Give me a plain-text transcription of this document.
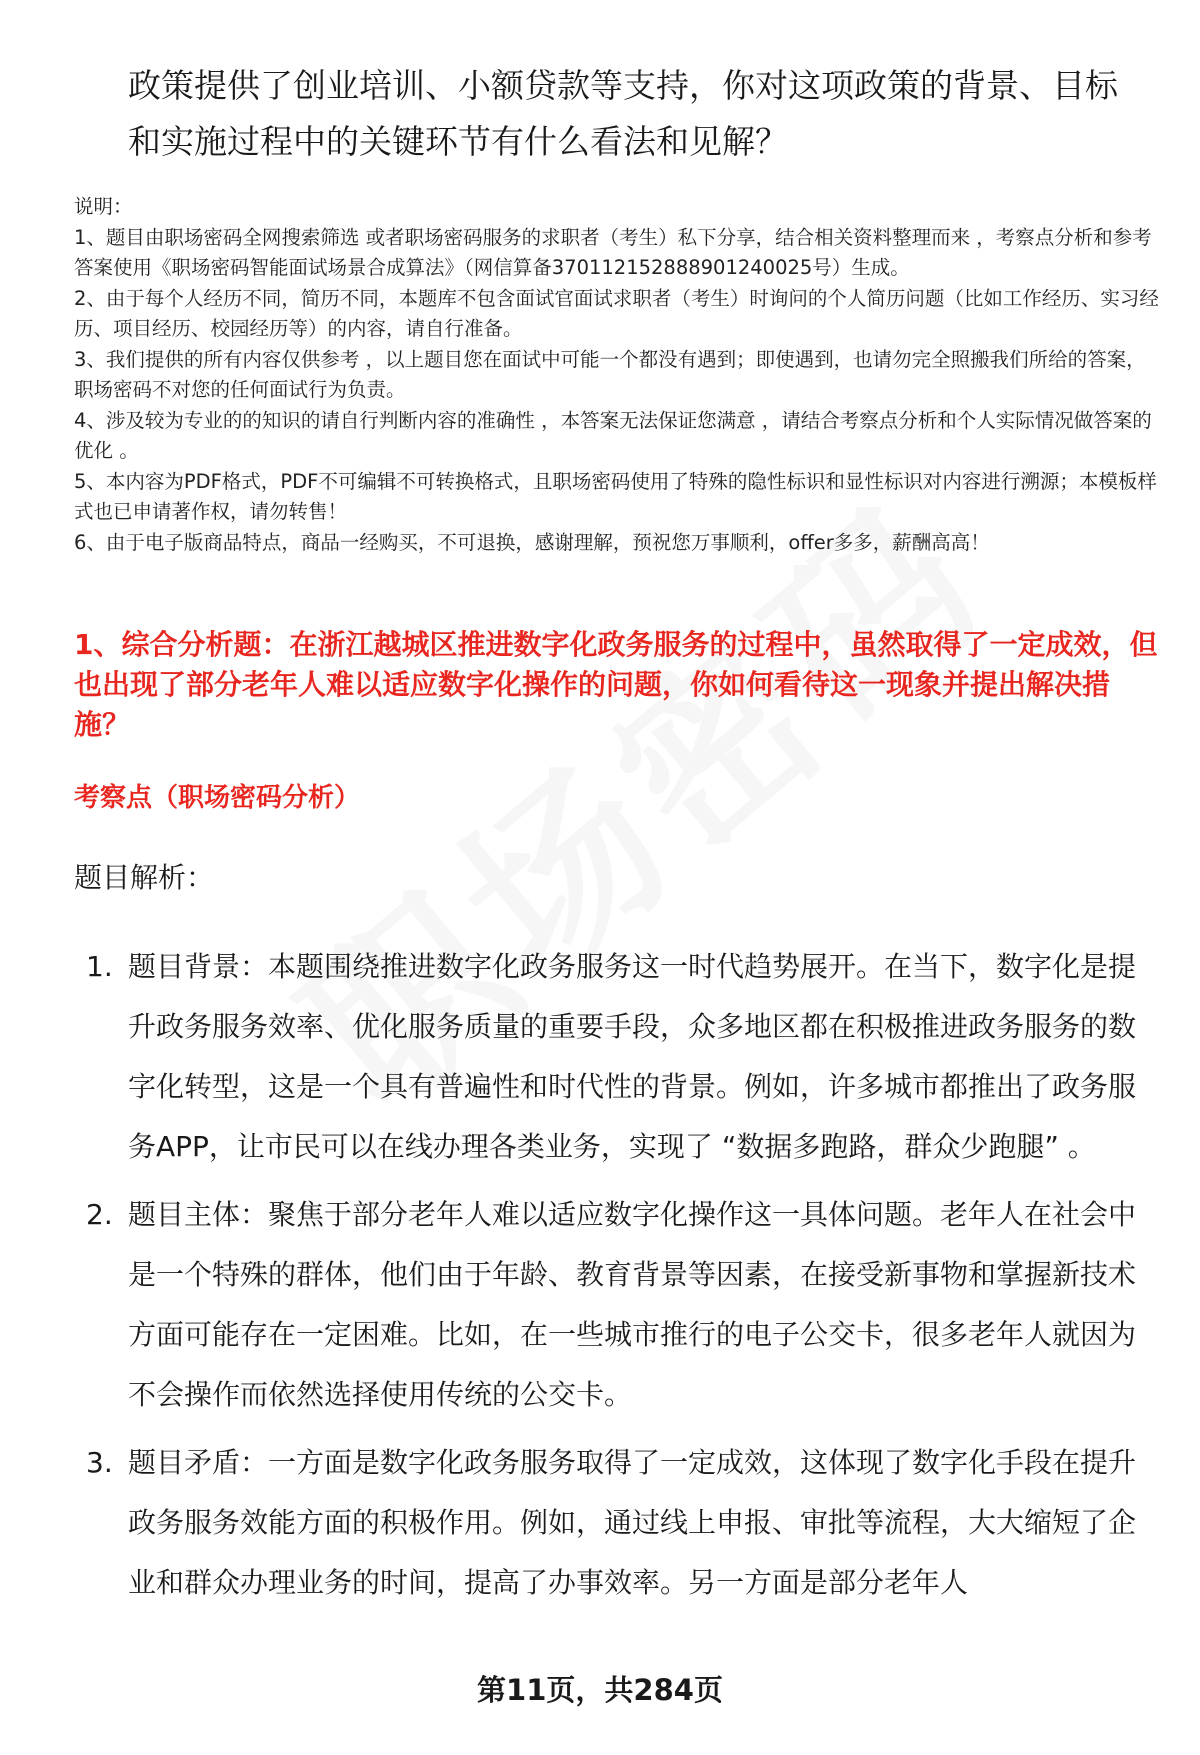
政策提供了创业培训、小额贷款等支持，你对这项政策的背景、目标和实施过程中的关键环节有什么看法和见解？
说明：
1、题目由职场密码全网搜索筛选 或者职场密码服务的求职者（考生）私下分享，结合相关资料整理而来 ，考察点分析和参考答案使用《职场密码智能面试场景合成算法》（网信算备370112152888901240025号）生成。
2、由于每个人经历不同，简历不同，本题库不包含面试官面试求职者（考生）时询问的个人简历问题（比如工作经历、实习经历、项目经历、校园经历等）的内容，请自行准备。
3、我们提供的所有内容仅供参考 ，以上题目您在面试中可能一个都没有遇到；即使遇到，也请勿完全照搬我们所给的答案，职场密码不对您的任何面试行为负责。
4、涉及较为专业的的知识的请自行判断内容的准确性 ，本答案无法保证您满意 ，请结合考察点分析和个人实际情况做答案的优化 。
5、本内容为PDF格式，PDF不可编辑不可转换格式，且职场密码使用了特殊的隐性标识和显性标识对内容进行溯源；本模板样式也已申请著作权，请勿转售！
6、由于电子版商品特点，商品一经购买，不可退换，感谢理解，预祝您万事顺利，offer多多，薪酬高高！
1、综合分析题：在浙江越城区推进数字化政务服务的过程中，虽然取得了一定成效，但也出现了部分老年人难以适应数字化操作的问题，你如何看待这一现象并提出解决措施？
考察点（职场密码分析）
题目解析：
1. 题目背景：本题围绕推进数字化政务服务这一时代趋势展开。在当下，数字化是提升政务服务效率、优化服务质量的重要手段，众多地区都在积极推进政务服务的数字化转型，这是一个具有普遍性和时代性的背景。例如，许多城市都推出了政务服务APP，让市民可以在线办理各类业务，实现了 “数据多跑路，群众少跑腿” 。
2. 题目主体：聚焦于部分老年人难以适应数字化操作这一具体问题。老年人在社会中是一个特殊的群体，他们由于年龄、教育背景等因素，在接受新事物和掌握新技术方面可能存在一定困难。比如，在一些城市推行的电子公交卡，很多老年人就因为不会操作而依然选择使用传统的公交卡。
3. 题目矛盾：一方面是数字化政务服务取得了一定成效，这体现了数字化手段在提升政务服务效能方面的积极作用。例如，通过线上申报、审批等流程，大大缩短了企业和群众办理业务的时间，提高了办事效率。另一方面是部分老年人
第11页，共284页
